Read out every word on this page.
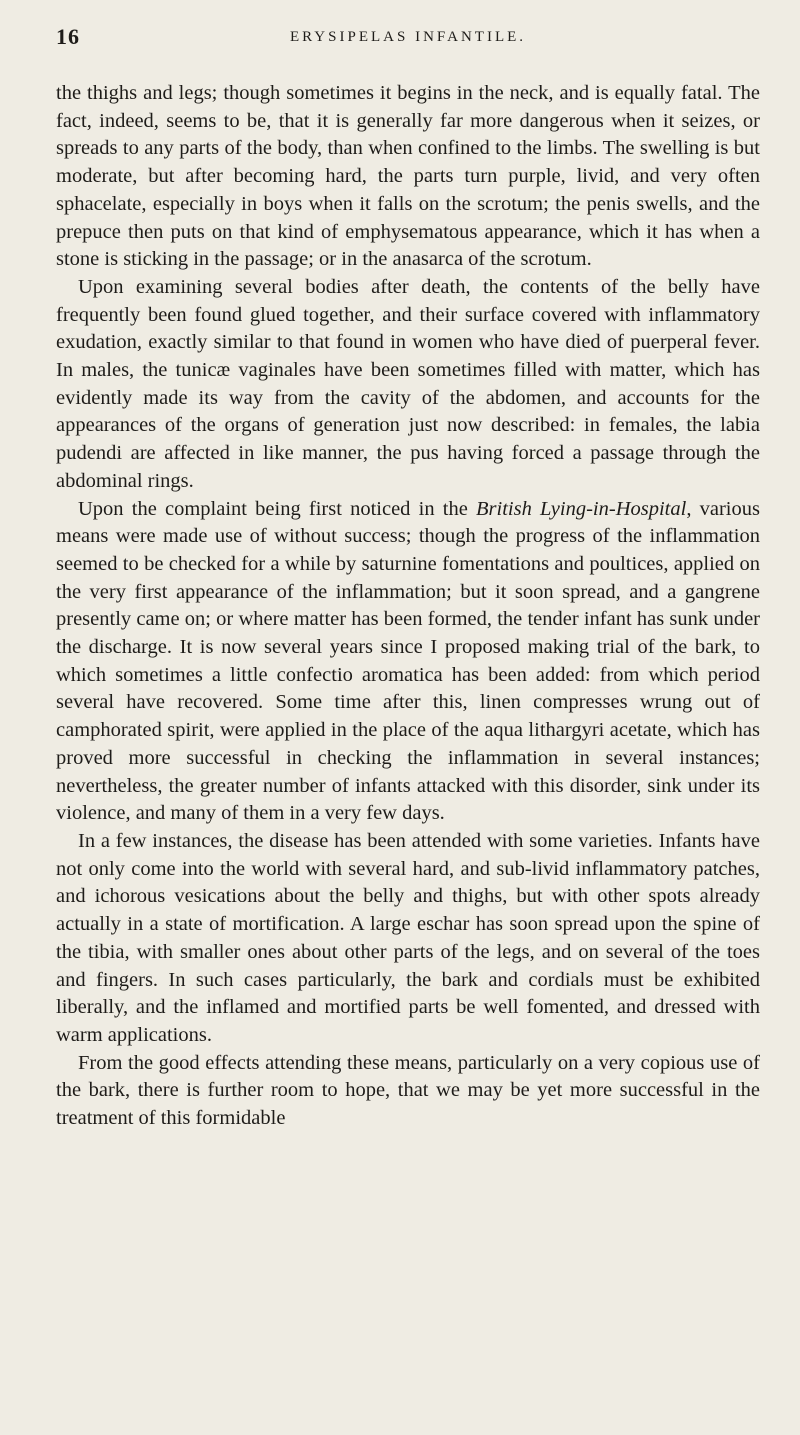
16	ERYSIPELAS INFANTILE.

the thighs and legs; though sometimes it begins in the neck, and is equally fatal. The fact, indeed, seems to be, that it is generally far more dangerous when it seizes, or spreads to any parts of the body, than when confined to the limbs. The swelling is but moderate, but after becoming hard, the parts turn purple, livid, and very often sphacelate, especially in boys when it falls on the scrotum; the penis swells, and the prepuce then puts on that kind of emphysematous appearance, which it has when a stone is sticking in the passage; or in the anasarca of the scrotum.

Upon examining several bodies after death, the contents of the belly have frequently been found glued together, and their surface covered with inflammatory exudation, exactly similar to that found in women who have died of puerperal fever. In males, the tunicæ vaginales have been sometimes filled with matter, which has evidently made its way from the cavity of the abdomen, and accounts for the appearances of the organs of generation just now described: in females, the labia pudendi are affected in like manner, the pus having forced a passage through the abdominal rings.

Upon the complaint being first noticed in the British Lying-in-Hospital, various means were made use of without success; though the progress of the inflammation seemed to be checked for a while by saturnine fomentations and poultices, applied on the very first appearance of the inflammation; but it soon spread, and a gangrene presently came on; or where matter has been formed, the tender infant has sunk under the discharge. It is now several years since I proposed making trial of the bark, to which sometimes a little confectio aromatica has been added: from which period several have recovered. Some time after this, linen compresses wrung out of camphorated spirit, were applied in the place of the aqua lithargyri acetate, which has proved more successful in checking the inflammation in several instances; nevertheless, the greater number of infants attacked with this disorder, sink under its violence, and many of them in a very few days.

In a few instances, the disease has been attended with some varieties. Infants have not only come into the world with several hard, and sub-livid inflammatory patches, and ichorous vesications about the belly and thighs, but with other spots already actually in a state of mortification. A large eschar has soon spread upon the spine of the tibia, with smaller ones about other parts of the legs, and on several of the toes and fingers. In such cases particularly, the bark and cordials must be exhibited liberally, and the inflamed and mortified parts be well fomented, and dressed with warm applications.

From the good effects attending these means, particularly on a very copious use of the bark, there is further room to hope, that we may be yet more successful in the treatment of this formidable
